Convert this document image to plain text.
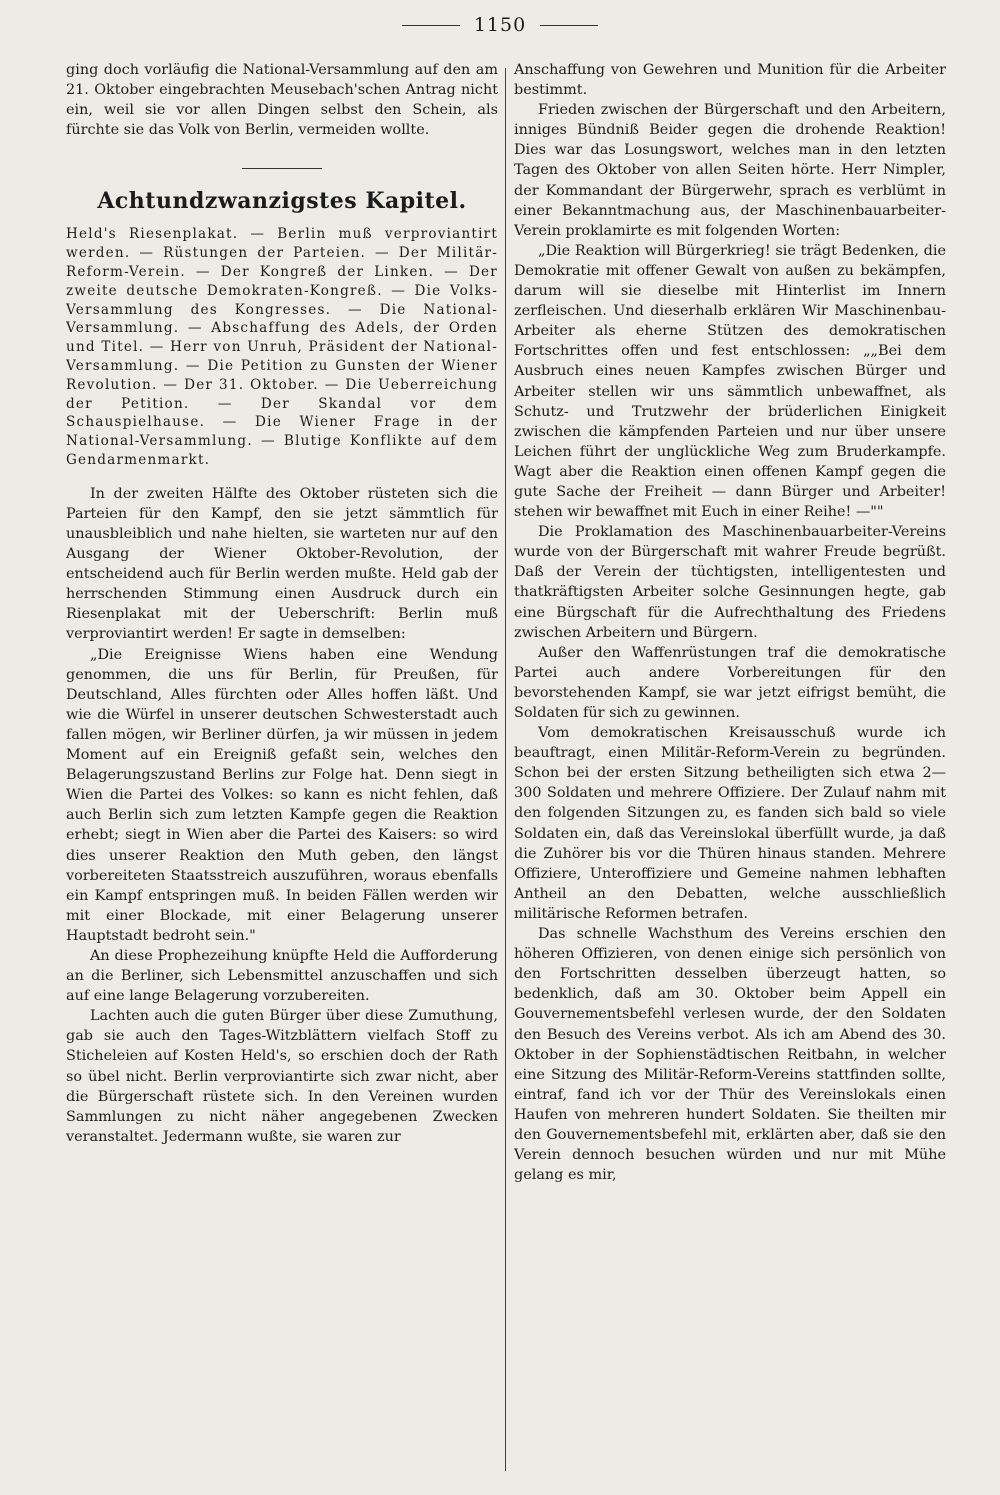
1150

ging doch vorläufig die National-Versammlung auf den am 21. Oktober eingebrachten Meusebach'schen Antrag nicht ein, weil sie vor allen Dingen selbst den Schein, als fürchte sie das Volk von Berlin, vermeiden wollte.

Achtundzwanzigstes Kapitel.
Held's Riesenplakat. — Berlin muß verproviantirt werden. — Rüstungen der Parteien. — Der Militär-Reform-Verein. — Der Kongreß der Linken. — Der zweite deutsche Demokraten-Kongreß. — Die Volks-Versammlung des Kongresses. — Die National-Versammlung. — Abschaffung des Adels, der Orden und Titel. — Herr von Unruh, Präsident der National-Versammlung. — Die Petition zu Gunsten der Wiener Revolution. — Der 31. Oktober. — Die Ueberreichung der Petition. — Der Skandal vor dem Schauspielhause. — Die Wiener Frage in der National-Versammlung. — Blutige Konflikte auf dem Gendarmenmarkt.

In der zweiten Hälfte des Oktober rüsteten sich die Parteien für den Kampf, den sie jetzt sämmtlich für unausbleiblich und nahe hielten, sie warteten nur auf den Ausgang der Wiener Oktober-Revolution, der entscheidend auch für Berlin werden mußte. Held gab der herrschenden Stimmung einen Ausdruck durch ein Riesenplakat mit der Ueberschrift: Berlin muß verproviantirt werden! Er sagte in demselben:

„Die Ereignisse Wiens haben eine Wendung genommen, die uns für Berlin, für Preußen, für Deutschland, Alles fürchten oder Alles hoffen läßt. Und wie die Würfel in unserer deutschen Schwesterstadt auch fallen mögen, wir Berliner dürfen, ja wir müssen in jedem Moment auf ein Ereigniß gefaßt sein, welches den Belagerungszustand Berlins zur Folge hat. Denn siegt in Wien die Partei des Volkes: so kann es nicht fehlen, daß auch Berlin sich zum letzten Kampfe gegen die Reaktion erhebt; siegt in Wien aber die Partei des Kaisers: so wird dies unserer Reaktion den Muth geben, den längst vorbereiteten Staatsstreich auszuführen, woraus ebenfalls ein Kampf entspringen muß. In beiden Fällen werden wir mit einer Blockade, mit einer Belagerung unserer Hauptstadt bedroht sein."

An diese Prophezeihung knüpfte Held die Aufforderung an die Berliner, sich Lebensmittel anzuschaffen und sich auf eine lange Belagerung vorzubereiten.

Lachten auch die guten Bürger über diese Zumuthung, gab sie auch den Tages-Witzblättern vielfach Stoff zu Sticheleien auf Kosten Held's, so erschien doch der Rath so übel nicht. Berlin verproviantirte sich zwar nicht, aber die Bürgerschaft rüstete sich. In den Vereinen wurden Sammlungen zu nicht näher angegebenen Zwecken veranstaltet. Jedermann wußte, sie waren zur

Anschaffung von Gewehren und Munition für die Arbeiter bestimmt.

Frieden zwischen der Bürgerschaft und den Arbeitern, inniges Bündniß Beider gegen die drohende Reaktion! Dies war das Losungswort, welches man in den letzten Tagen des Oktober von allen Seiten hörte. Herr Nimpler, der Kommandant der Bürgerwehr, sprach es verblümt in einer Bekanntmachung aus, der Maschinenbauarbeiter-Verein proklamirte es mit folgenden Worten:

„Die Reaktion will Bürgerkrieg! sie trägt Bedenken, die Demokratie mit offener Gewalt von außen zu bekämpfen, darum will sie dieselbe mit Hinterlist im Innern zerfleischen. Und dieserhalb erklären Wir Maschinenbau-Arbeiter als eherne Stützen des demokratischen Fortschrittes offen und fest entschlossen: „„Bei dem Ausbruch eines neuen Kampfes zwischen Bürger und Arbeiter stellen wir uns sämmtlich unbewaffnet, als Schutz- und Trutzwehr der brüderlichen Einigkeit zwischen die kämpfenden Parteien und nur über unsere Leichen führt der unglückliche Weg zum Bruderkampfe. Wagt aber die Reaktion einen offenen Kampf gegen die gute Sache der Freiheit — dann Bürger und Arbeiter! stehen wir bewaffnet mit Euch in einer Reihe! —""

Die Proklamation des Maschinenbauarbeiter-Vereins wurde von der Bürgerschaft mit wahrer Freude begrüßt. Daß der Verein der tüchtigsten, intelligentesten und thatkräftigsten Arbeiter solche Gesinnungen hegte, gab eine Bürgschaft für die Aufrechthaltung des Friedens zwischen Arbeitern und Bürgern.

Außer den Waffenrüstungen traf die demokratische Partei auch andere Vorbereitungen für den bevorstehenden Kampf, sie war jetzt eifrigst bemüht, die Soldaten für sich zu gewinnen.

Vom demokratischen Kreisausschuß wurde ich beauftragt, einen Militär-Reform-Verein zu begründen. Schon bei der ersten Sitzung betheiligten sich etwa 2—300 Soldaten und mehrere Offiziere. Der Zulauf nahm mit den folgenden Sitzungen zu, es fanden sich bald so viele Soldaten ein, daß das Vereinslokal überfüllt wurde, ja daß die Zuhörer bis vor die Thüren hinaus standen. Mehrere Offiziere, Unteroffiziere und Gemeine nahmen lebhaften Antheil an den Debatten, welche ausschließlich militärische Reformen betrafen.

Das schnelle Wachsthum des Vereins erschien den höheren Offizieren, von denen einige sich persönlich von den Fortschritten desselben überzeugt hatten, so bedenklich, daß am 30. Oktober beim Appell ein Gouvernementsbefehl verlesen wurde, der den Soldaten den Besuch des Vereins verbot. Als ich am Abend des 30. Oktober in der Sophienstädtischen Reitbahn, in welcher eine Sitzung des Militär-Reform-Vereins stattfinden sollte, eintraf, fand ich vor der Thür des Vereinslokals einen Haufen von mehreren hundert Soldaten. Sie theilten mir den Gouvernementsbefehl mit, erklärten aber, daß sie den Verein dennoch besuchen würden und nur mit Mühe gelang es mir,
